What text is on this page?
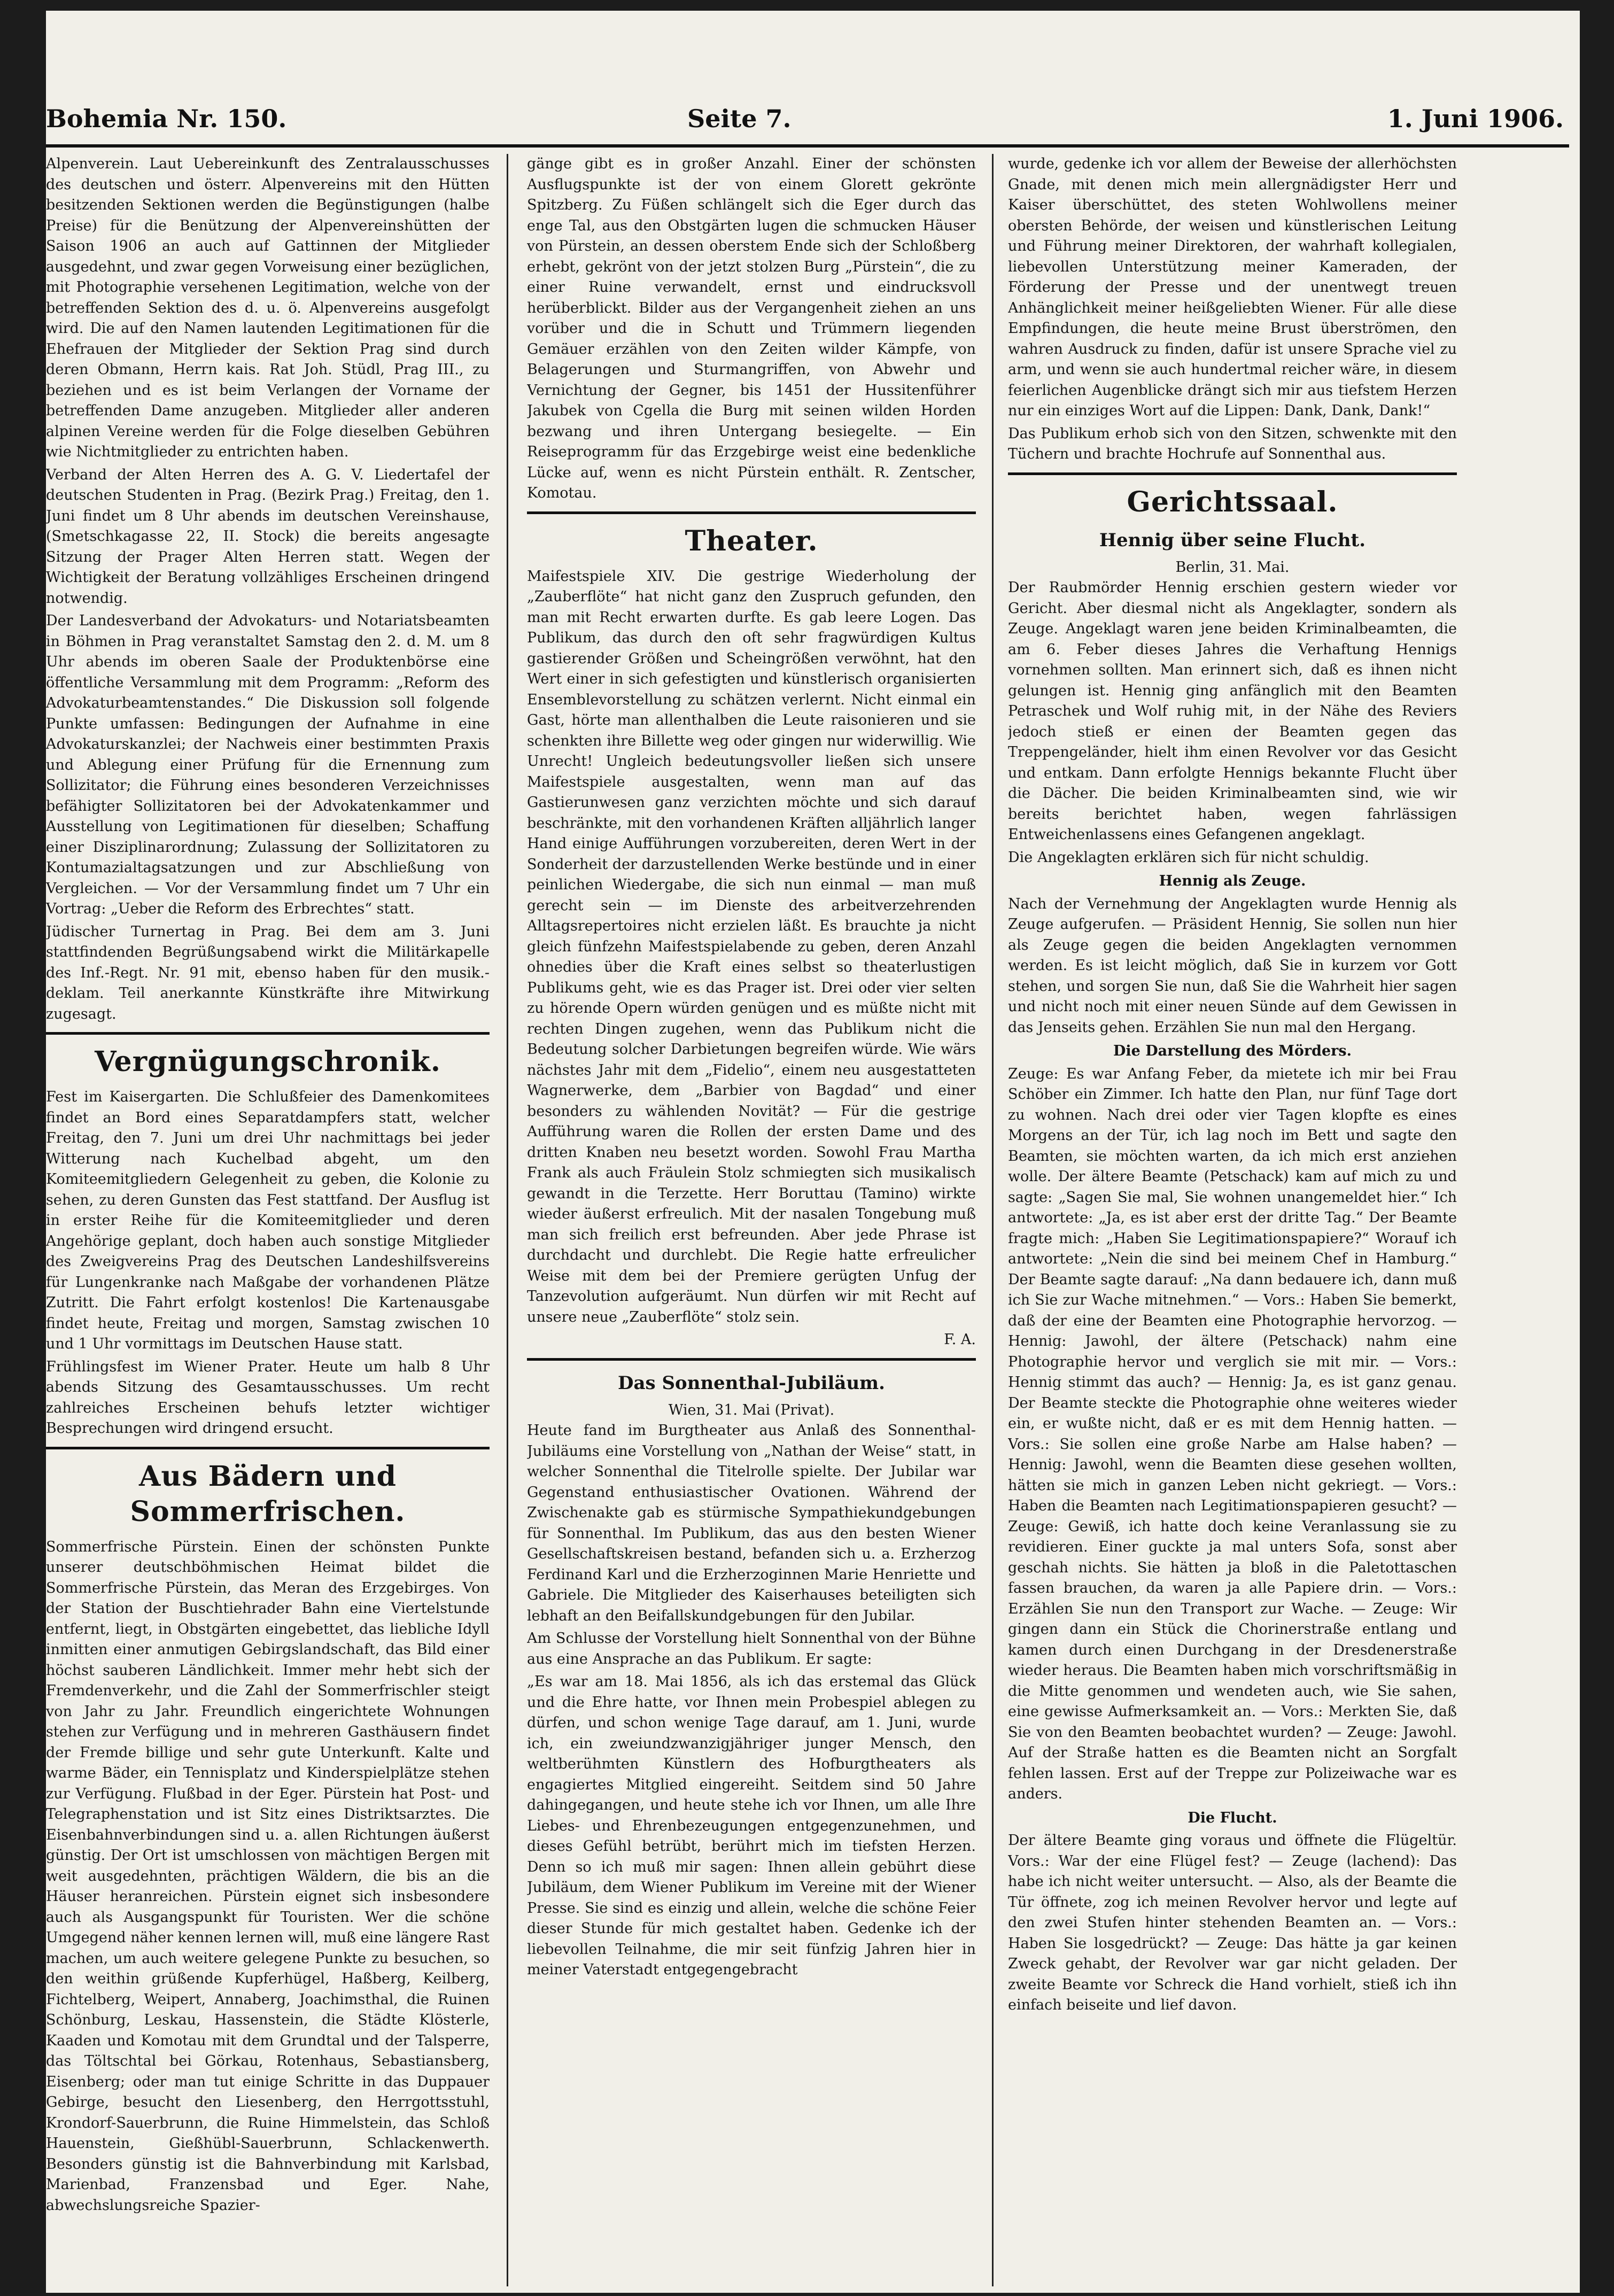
Bohemia Nr. 150.	Seite 7.	1. Juni 1906.

Alpenverein. Laut Uebereinkunft des Zentralausschusses des deutschen und österr. Alpenvereins mit den Hütten besitzenden Sektionen werden die Begünstigungen (halbe Preise) für die Benützung der Alpenvereinshütten der Saison 1906 an auch auf Gattinnen der Mitglieder ausgedehnt, und zwar gegen Vorweisung einer bezüglichen, mit Photographie versehenen Legitimation, welche von der betreffenden Sektion des d. u. ö. Alpenvereins ausgefolgt wird. Die auf den Namen lautenden Legitimationen für die Ehefrauen der Mitglieder der Sektion Prag sind durch deren Obmann, Herrn kais. Rat Joh. Stüdl, Prag III., zu beziehen und es ist beim Verlangen der Vorname der betreffenden Dame anzugeben. Mitglieder aller anderen alpinen Vereine werden für die Folge dieselben Gebühren wie Nichtmitglieder zu entrichten haben.

Verband der Alten Herren des A. G. V. Liedertafel der deutschen Studenten in Prag. (Bezirk Prag.) Freitag, den 1. Juni findet um 8 Uhr abends im deutschen Vereinshause, (Smetschkagasse 22, II. Stock) die bereits angesagte Sitzung der Prager Alten Herren statt. Wegen der Wichtigkeit der Beratung vollzähliges Erscheinen dringend notwendig.

Der Landesverband der Advokaturs- und Notariatsbeamten in Böhmen in Prag veranstaltet Samstag den 2. d. M. um 8 Uhr abends im oberen Saale der Produktenbörse eine öffentliche Versammlung mit dem Programm: „Reform des Advokaturbeamtenstandes.“ Die Diskussion soll folgende Punkte umfassen: Bedingungen der Aufnahme in eine Advokaturskanzlei; der Nachweis einer bestimmten Praxis und Ablegung einer Prüfung für die Ernennung zum Sollizitator; die Führung eines besonderen Verzeichnisses befähigter Sollizitatoren bei der Advokatenkammer und Ausstellung von Legitimationen für dieselben; Schaffung einer Disziplinarordnung; Zulassung der Sollizitatoren zu Kontumazialtagsatzungen und zur Abschließung von Vergleichen. — Vor der Versammlung findet um 7 Uhr ein Vortrag: „Ueber die Reform des Erbrechtes“ statt.

Jüdischer Turnertag in Prag. Bei dem am 3. Juni stattfindenden Begrüßungsabend wirkt die Militärkapelle des Inf.-Regt. Nr. 91 mit, ebenso haben für den musik.-deklam. Teil anerkannte Künstkräfte ihre Mitwirkung zugesagt.

Vergnügungschronik.

Fest im Kaisergarten. Die Schlußfeier des Damenkomitees findet an Bord eines Separatdampfers statt, welcher Freitag, den 7. Juni um drei Uhr nachmittags bei jeder Witterung nach Kuchelbad abgeht, um den Komiteemitgliedern Gelegenheit zu geben, die Kolonie zu sehen, zu deren Gunsten das Fest stattfand. Der Ausflug ist in erster Reihe für die Komiteemitglieder und deren Angehörige geplant, doch haben auch sonstige Mitglieder des Zweigvereins Prag des Deutschen Landeshilfsvereins für Lungenkranke nach Maßgabe der vorhandenen Plätze Zutritt. Die Fahrt erfolgt kostenlos! Die Kartenausgabe findet heute, Freitag und morgen, Samstag zwischen 10 und 1 Uhr vormittags im Deutschen Hause statt.

Frühlingsfest im Wiener Prater. Heute um halb 8 Uhr abends Sitzung des Gesamtausschusses. Um recht zahlreiches Erscheinen behufs letzter wichtiger Besprechungen wird dringend ersucht.

Aus Bädern und Sommerfrischen.

Sommerfrische Pürstein. Einen der schönsten Punkte unserer deutschböhmischen Heimat bildet die Sommerfrische Pürstein, das Meran des Erzgebirges. Von der Station der Buschtiehrader Bahn eine Viertelstunde entfernt, liegt, in Obstgärten eingebettet, das liebliche Idyll inmitten einer anmutigen Gebirgslandschaft, das Bild einer höchst sauberen Ländlichkeit. Immer mehr hebt sich der Fremdenverkehr, und die Zahl der Sommerfrischler steigt von Jahr zu Jahr. Freundlich eingerichtete Wohnungen stehen zur Verfügung und in mehreren Gasthäusern findet der Fremde billige und sehr gute Unterkunft. Kalte und warme Bäder, ein Tennisplatz und Kinderspielplätze stehen zur Verfügung. Flußbad in der Eger. Pürstein hat Post- und Telegraphenstation und ist Sitz eines Distriktsarztes. Die Eisenbahnverbindungen sind u. a. allen Richtungen äußerst günstig. Der Ort ist umschlossen von mächtigen Bergen mit weit ausgedehnten, prächtigen Wäldern, die bis an die Häuser heranreichen. Pürstein eignet sich insbesondere auch als Ausgangspunkt für Touristen. Wer die schöne Umgegend näher kennen lernen will, muß eine längere Rast machen, um auch weitere gelegene Punkte zu besuchen, so den weithin grüßende Kupferhügel, Haßberg, Keilberg, Fichtelberg, Weipert, Annaberg, Joachimsthal, die Ruinen Schönburg, Leskau, Hassenstein, die Städte Klösterle, Kaaden und Komotau mit dem Grundtal und der Talsperre, das Töltschtal bei Görkau, Rotenhaus, Sebastiansberg, Eisenberg; oder man tut einige Schritte in das Duppauer Gebirge, besucht den Liesenberg, den Herrgottsstuhl, Krondorf-Sauerbrunn, die Ruine Himmelstein, das Schloß Hauenstein, Gießhübl-Sauerbrunn, Schlackenwerth. Besonders günstig ist die Bahnverbindung mit Karlsbad, Marienbad, Franzensbad und Eger. Nahe, abwechslungsreiche Spazier-

gänge gibt es in großer Anzahl. Einer der schönsten Ausflugspunkte ist der von einem Glorett gekrönte Spitzberg. Zu Füßen schlängelt sich die Eger durch das enge Tal, aus den Obstgärten lugen die schmucken Häuser von Pürstein, an dessen oberstem Ende sich der Schloßberg erhebt, gekrönt von der jetzt stolzen Burg „Pürstein“, die zu einer Ruine verwandelt, ernst und eindrucksvoll herüberblickt. Bilder aus der Vergangenheit ziehen an uns vorüber und die in Schutt und Trümmern liegenden Gemäuer erzählen von den Zeiten wilder Kämpfe, von Belagerungen und Sturmangriffen, von Abwehr und Vernichtung der Gegner, bis 1451 der Hussitenführer Jakubek von Cgella die Burg mit seinen wilden Horden bezwang und ihren Untergang besiegelte. — Ein Reiseprogramm für das Erzgebirge weist eine bedenkliche Lücke auf, wenn es nicht Pürstein enthält. R. Zentscher, Komotau.

Theater.

Maifestspiele XIV. Die gestrige Wiederholung der „Zauberflöte“ hat nicht ganz den Zuspruch gefunden, den man mit Recht erwarten durfte. Es gab leere Logen. Das Publikum, das durch den oft sehr fragwürdigen Kultus gastierender Größen und Scheingrößen verwöhnt, hat den Wert einer in sich gefestigten und künstlerisch organisierten Ensemblevorstellung zu schätzen verlernt. Nicht einmal ein Gast, hörte man allenthalben die Leute raisonieren und sie schenkten ihre Billette weg oder gingen nur widerwillig. Wie Unrecht! Ungleich bedeutungsvoller ließen sich unsere Maifestspiele ausgestalten, wenn man auf das Gastierunwesen ganz verzichten möchte und sich darauf beschränkte, mit den vorhandenen Kräften alljährlich langer Hand einige Aufführungen vorzubereiten, deren Wert in der Sonderheit der darzustellenden Werke bestünde und in einer peinlichen Wiedergabe, die sich nun einmal — man muß gerecht sein — im Dienste des arbeitverzehrenden Alltagsrepertoires nicht erzielen läßt. Es brauchte ja nicht gleich fünfzehn Maifestspielabende zu geben, deren Anzahl ohnedies über die Kraft eines selbst so theaterlustigen Publikums geht, wie es das Prager ist. Drei oder vier selten zu hörende Opern würden genügen und es müßte nicht mit rechten Dingen zugehen, wenn das Publikum nicht die Bedeutung solcher Darbietungen begreifen würde. Wie wärs nächstes Jahr mit dem „Fidelio“, einem neu ausgestatteten Wagnerwerke, dem „Barbier von Bagdad“ und einer besonders zu wählenden Novität? — Für die gestrige Aufführung waren die Rollen der ersten Dame und des dritten Knaben neu besetzt worden. Sowohl Frau Martha Frank als auch Fräulein Stolz schmiegten sich musikalisch gewandt in die Terzette. Herr Boruttau (Tamino) wirkte wieder äußerst erfreulich. Mit der nasalen Tongebung muß man sich freilich erst befreunden. Aber jede Phrase ist durchdacht und durchlebt. Die Regie hatte erfreulicher Weise mit dem bei der Premiere gerügten Unfug der Tanzevolution aufgeräumt. Nun dürfen wir mit Recht auf unsere neue „Zauberflöte“ stolz sein.

F. A.

Das Sonnenthal-Jubiläum.

Wien, 31. Mai (Privat).

Heute fand im Burgtheater aus Anlaß des Sonnenthal-Jubiläums eine Vorstellung von „Nathan der Weise“ statt, in welcher Sonnenthal die Titelrolle spielte. Der Jubilar war Gegenstand enthusiastischer Ovationen. Während der Zwischenakte gab es stürmische Sympathiekundgebungen für Sonnenthal. Im Publikum, das aus den besten Wiener Gesellschaftskreisen bestand, befanden sich u. a. Erzherzog Ferdinand Karl und die Erzherzoginnen Marie Henriette und Gabriele. Die Mitglieder des Kaiserhauses beteiligten sich lebhaft an den Beifallskundgebungen für den Jubilar.

Am Schlusse der Vorstellung hielt Sonnenthal von der Bühne aus eine Ansprache an das Publikum. Er sagte:

„Es war am 18. Mai 1856, als ich das erstemal das Glück und die Ehre hatte, vor Ihnen mein Probespiel ablegen zu dürfen, und schon wenige Tage darauf, am 1. Juni, wurde ich, ein zweiundzwanzigjähriger junger Mensch, den weltberühmten Künstlern des Hofburgtheaters als engagiertes Mitglied eingereiht. Seitdem sind 50 Jahre dahingegangen, und heute stehe ich vor Ihnen, um alle Ihre Liebes- und Ehrenbezeugungen entgegenzunehmen, und dieses Gefühl betrübt, berührt mich im tiefsten Herzen. Denn so ich muß mir sagen: Ihnen allein gebührt diese Jubiläum, dem Wiener Publikum im Vereine mit der Wiener Presse. Sie sind es einzig und allein, welche die schöne Feier dieser Stunde für mich gestaltet haben. Gedenke ich der liebevollen Teilnahme, die mir seit fünfzig Jahren hier in meiner Vaterstadt entgegengebracht

wurde, gedenke ich vor allem der Beweise der allerhöchsten Gnade, mit denen mich mein allergnädigster Herr und Kaiser überschüttet, des steten Wohlwollens meiner obersten Behörde, der weisen und künstlerischen Leitung und Führung meiner Direktoren, der wahrhaft kollegialen, liebevollen Unterstützung meiner Kameraden, der Förderung der Presse und der unentwegt treuen Anhänglichkeit meiner heißgeliebten Wiener. Für alle diese Empfindungen, die heute meine Brust überströmen, den wahren Ausdruck zu finden, dafür ist unsere Sprache viel zu arm, und wenn sie auch hundertmal reicher wäre, in diesem feierlichen Augenblicke drängt sich mir aus tiefstem Herzen nur ein einziges Wort auf die Lippen: Dank, Dank, Dank!“

Das Publikum erhob sich von den Sitzen, schwenkte mit den Tüchern und brachte Hochrufe auf Sonnenthal aus.

Gerichtssaal.
Hennig über seine Flucht.

Berlin, 31. Mai.

Der Raubmörder Hennig erschien gestern wieder vor Gericht. Aber diesmal nicht als Angeklagter, sondern als Zeuge. Angeklagt waren jene beiden Kriminalbeamten, die am 6. Feber dieses Jahres die Verhaftung Hennigs vornehmen sollten. Man erinnert sich, daß es ihnen nicht gelungen ist. Hennig ging anfänglich mit den Beamten Petraschek und Wolf ruhig mit, in der Nähe des Reviers jedoch stieß er einen der Beamten gegen das Treppengeländer, hielt ihm einen Revolver vor das Gesicht und entkam. Dann erfolgte Hennigs bekannte Flucht über die Dächer. Die beiden Kriminalbeamten sind, wie wir bereits berichtet haben, wegen fahrlässigen Entweichenlassens eines Gefangenen angeklagt.

Die Angeklagten erklären sich für nicht schuldig.

Hennig als Zeuge.

Nach der Vernehmung der Angeklagten wurde Hennig als Zeuge aufgerufen. — Präsident Hennig, Sie sollen nun hier als Zeuge gegen die beiden Angeklagten vernommen werden. Es ist leicht möglich, daß Sie in kurzem vor Gott stehen, und sorgen Sie nun, daß Sie die Wahrheit hier sagen und nicht noch mit einer neuen Sünde auf dem Gewissen in das Jenseits gehen. Erzählen Sie nun mal den Hergang.

Die Darstellung des Mörders.

Zeuge: Es war Anfang Feber, da mietete ich mir bei Frau Schöber ein Zimmer. Ich hatte den Plan, nur fünf Tage dort zu wohnen. Nach drei oder vier Tagen klopfte es eines Morgens an der Tür, ich lag noch im Bett und sagte den Beamten, sie möchten warten, da ich mich erst anziehen wolle. Der ältere Beamte (Petschack) kam auf mich zu und sagte: „Sagen Sie mal, Sie wohnen unangemeldet hier.“ Ich antwortete: „Ja, es ist aber erst der dritte Tag.“ Der Beamte fragte mich: „Haben Sie Legitimationspapiere?“ Worauf ich antwortete: „Nein die sind bei meinem Chef in Hamburg.“ Der Beamte sagte darauf: „Na dann bedauere ich, dann muß ich Sie zur Wache mitnehmen.“ — Vors.: Haben Sie bemerkt, daß der eine der Beamten eine Photographie hervorzog. — Hennig: Jawohl, der ältere (Petschack) nahm eine Photographie hervor und verglich sie mit mir. — Vors.: Hennig stimmt das auch? — Hennig: Ja, es ist ganz genau. Der Beamte steckte die Photographie ohne weiteres wieder ein, er wußte nicht, daß er es mit dem Hennig hatten. — Vors.: Sie sollen eine große Narbe am Halse haben? — Hennig: Jawohl, wenn die Beamten diese gesehen wollten, hätten sie mich in ganzen Leben nicht gekriegt. — Vors.: Haben die Beamten nach Legitimationspapieren gesucht? — Zeuge: Gewiß, ich hatte doch keine Veranlassung sie zu revidieren. Einer guckte ja mal unters Sofa, sonst aber geschah nichts. Sie hätten ja bloß in die Paletottaschen fassen brauchen, da waren ja alle Papiere drin. — Vors.: Erzählen Sie nun den Transport zur Wache. — Zeuge: Wir gingen dann ein Stück die Chorinerstraße entlang und kamen durch einen Durchgang in der Dresdenerstraße wieder heraus. Die Beamten haben mich vorschriftsmäßig in die Mitte genommen und wendeten auch, wie Sie sahen, eine gewisse Aufmerksamkeit an. — Vors.: Merkten Sie, daß Sie von den Beamten beobachtet wurden? — Zeuge: Jawohl. Auf der Straße hatten es die Beamten nicht an Sorgfalt fehlen lassen. Erst auf der Treppe zur Polizeiwache war es anders.

Die Flucht.

Der ältere Beamte ging voraus und öffnete die Flügeltür. Vors.: War der eine Flügel fest? — Zeuge (lachend): Das habe ich nicht weiter untersucht. — Also, als der Beamte die Tür öffnete, zog ich meinen Revolver hervor und legte auf den zwei Stufen hinter stehenden Beamten an. — Vors.: Haben Sie losgedrückt? — Zeuge: Das hätte ja gar keinen Zweck gehabt, der Revolver war gar nicht geladen. Der zweite Beamte vor Schreck die Hand vorhielt, stieß ich ihn einfach beiseite und lief davon.
